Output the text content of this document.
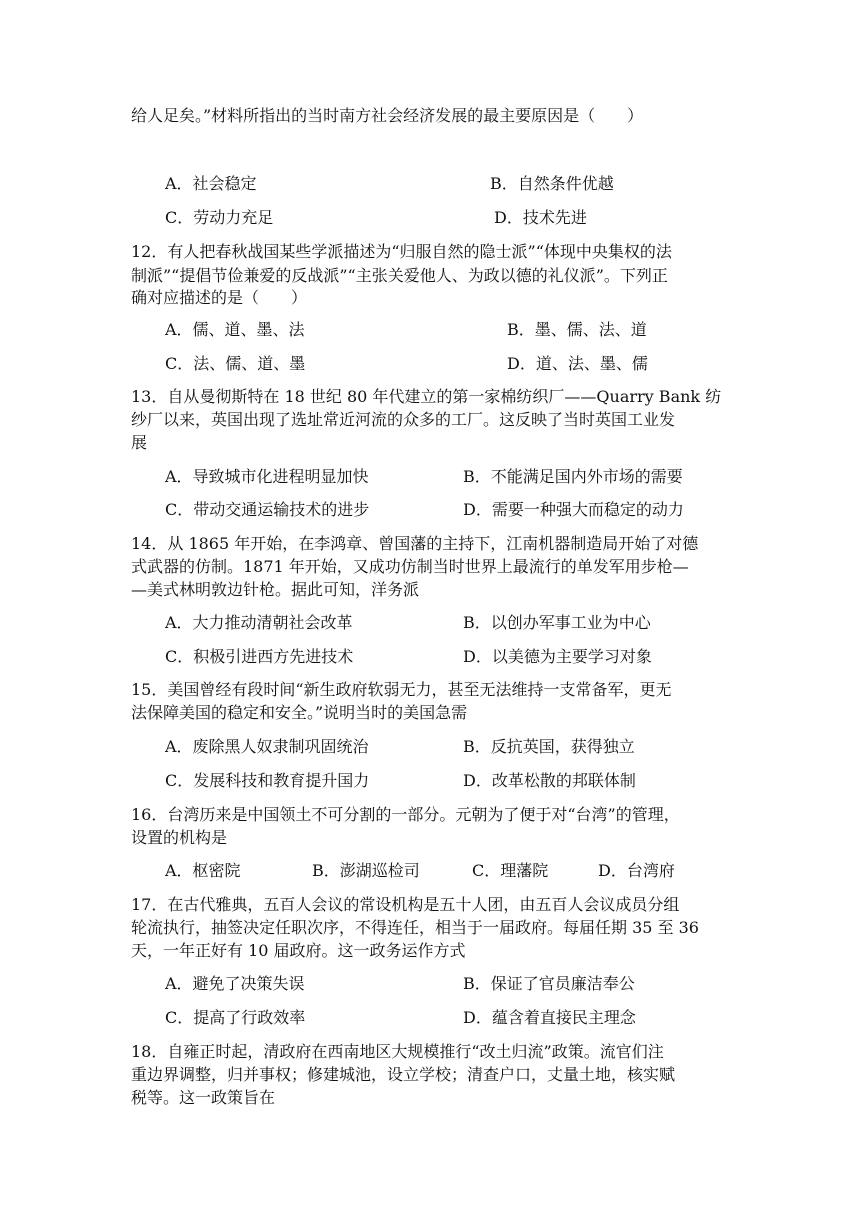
给人足矣。”材料所指出的当时南方社会经济发展的最主要原因是（　　）
A．社会稳定	B．自然条件优越
C．劳动力充足	D．技术先进
12．有人把春秋战国某些学派描述为“归服自然的隐士派”“体现中央集权的法
制派”“提倡节俭兼爱的反战派”“主张关爱他人、为政以德的礼仪派”。下列正
确对应描述的是（　　）
A．儒、道、墨、法	B．墨、儒、法、道
C．法、儒、道、墨	D．道、法、墨、儒
13．自从曼彻斯特在 18 世纪 80 年代建立的第一家棉纺织厂——Quarry Bank 纺
纱厂以来，英国出现了选址常近河流的众多的工厂。这反映了当时英国工业发
展
A．导致城市化进程明显加快	B．不能满足国内外市场的需要
C．带动交通运输技术的进步	D．需要一种强大而稳定的动力
14．从 1865 年开始，在李鸿章、曾国藩的主持下，江南机器制造局开始了对德
式武器的仿制。1871 年开始，又成功仿制当时世界上最流行的单发军用步枪—
—美式林明敦边针枪。据此可知，洋务派
A．大力推动清朝社会改革	B．以创办军事工业为中心
C．积极引进西方先进技术	D．以美德为主要学习对象
15．美国曾经有段时间“新生政府软弱无力，甚至无法维持一支常备军，更无
法保障美国的稳定和安全。”说明当时的美国急需
A．废除黑人奴隶制巩固统治	B．反抗英国，获得独立
C．发展科技和教育提升国力	D．改革松散的邦联体制
16．台湾历来是中国领土不可分割的一部分。元朝为了便于对“台湾”的管理，
设置的机构是
A．枢密院	B．澎湖巡检司	C．理藩院	D．台湾府
17．在古代雅典，五百人会议的常设机构是五十人团，由五百人会议成员分组
轮流执行，抽签决定任职次序，不得连任，相当于一届政府。每届任期 35 至 36
天，一年正好有 10 届政府。这一政务运作方式
A．避免了决策失误	B．保证了官员廉洁奉公
C．提高了行政效率	D．蕴含着直接民主理念
18．自雍正时起，清政府在西南地区大规模推行“改土归流”政策。流官们注
重边界调整，归并事权；修建城池，设立学校；清查户口，丈量土地，核实赋
税等。这一政策旨在
